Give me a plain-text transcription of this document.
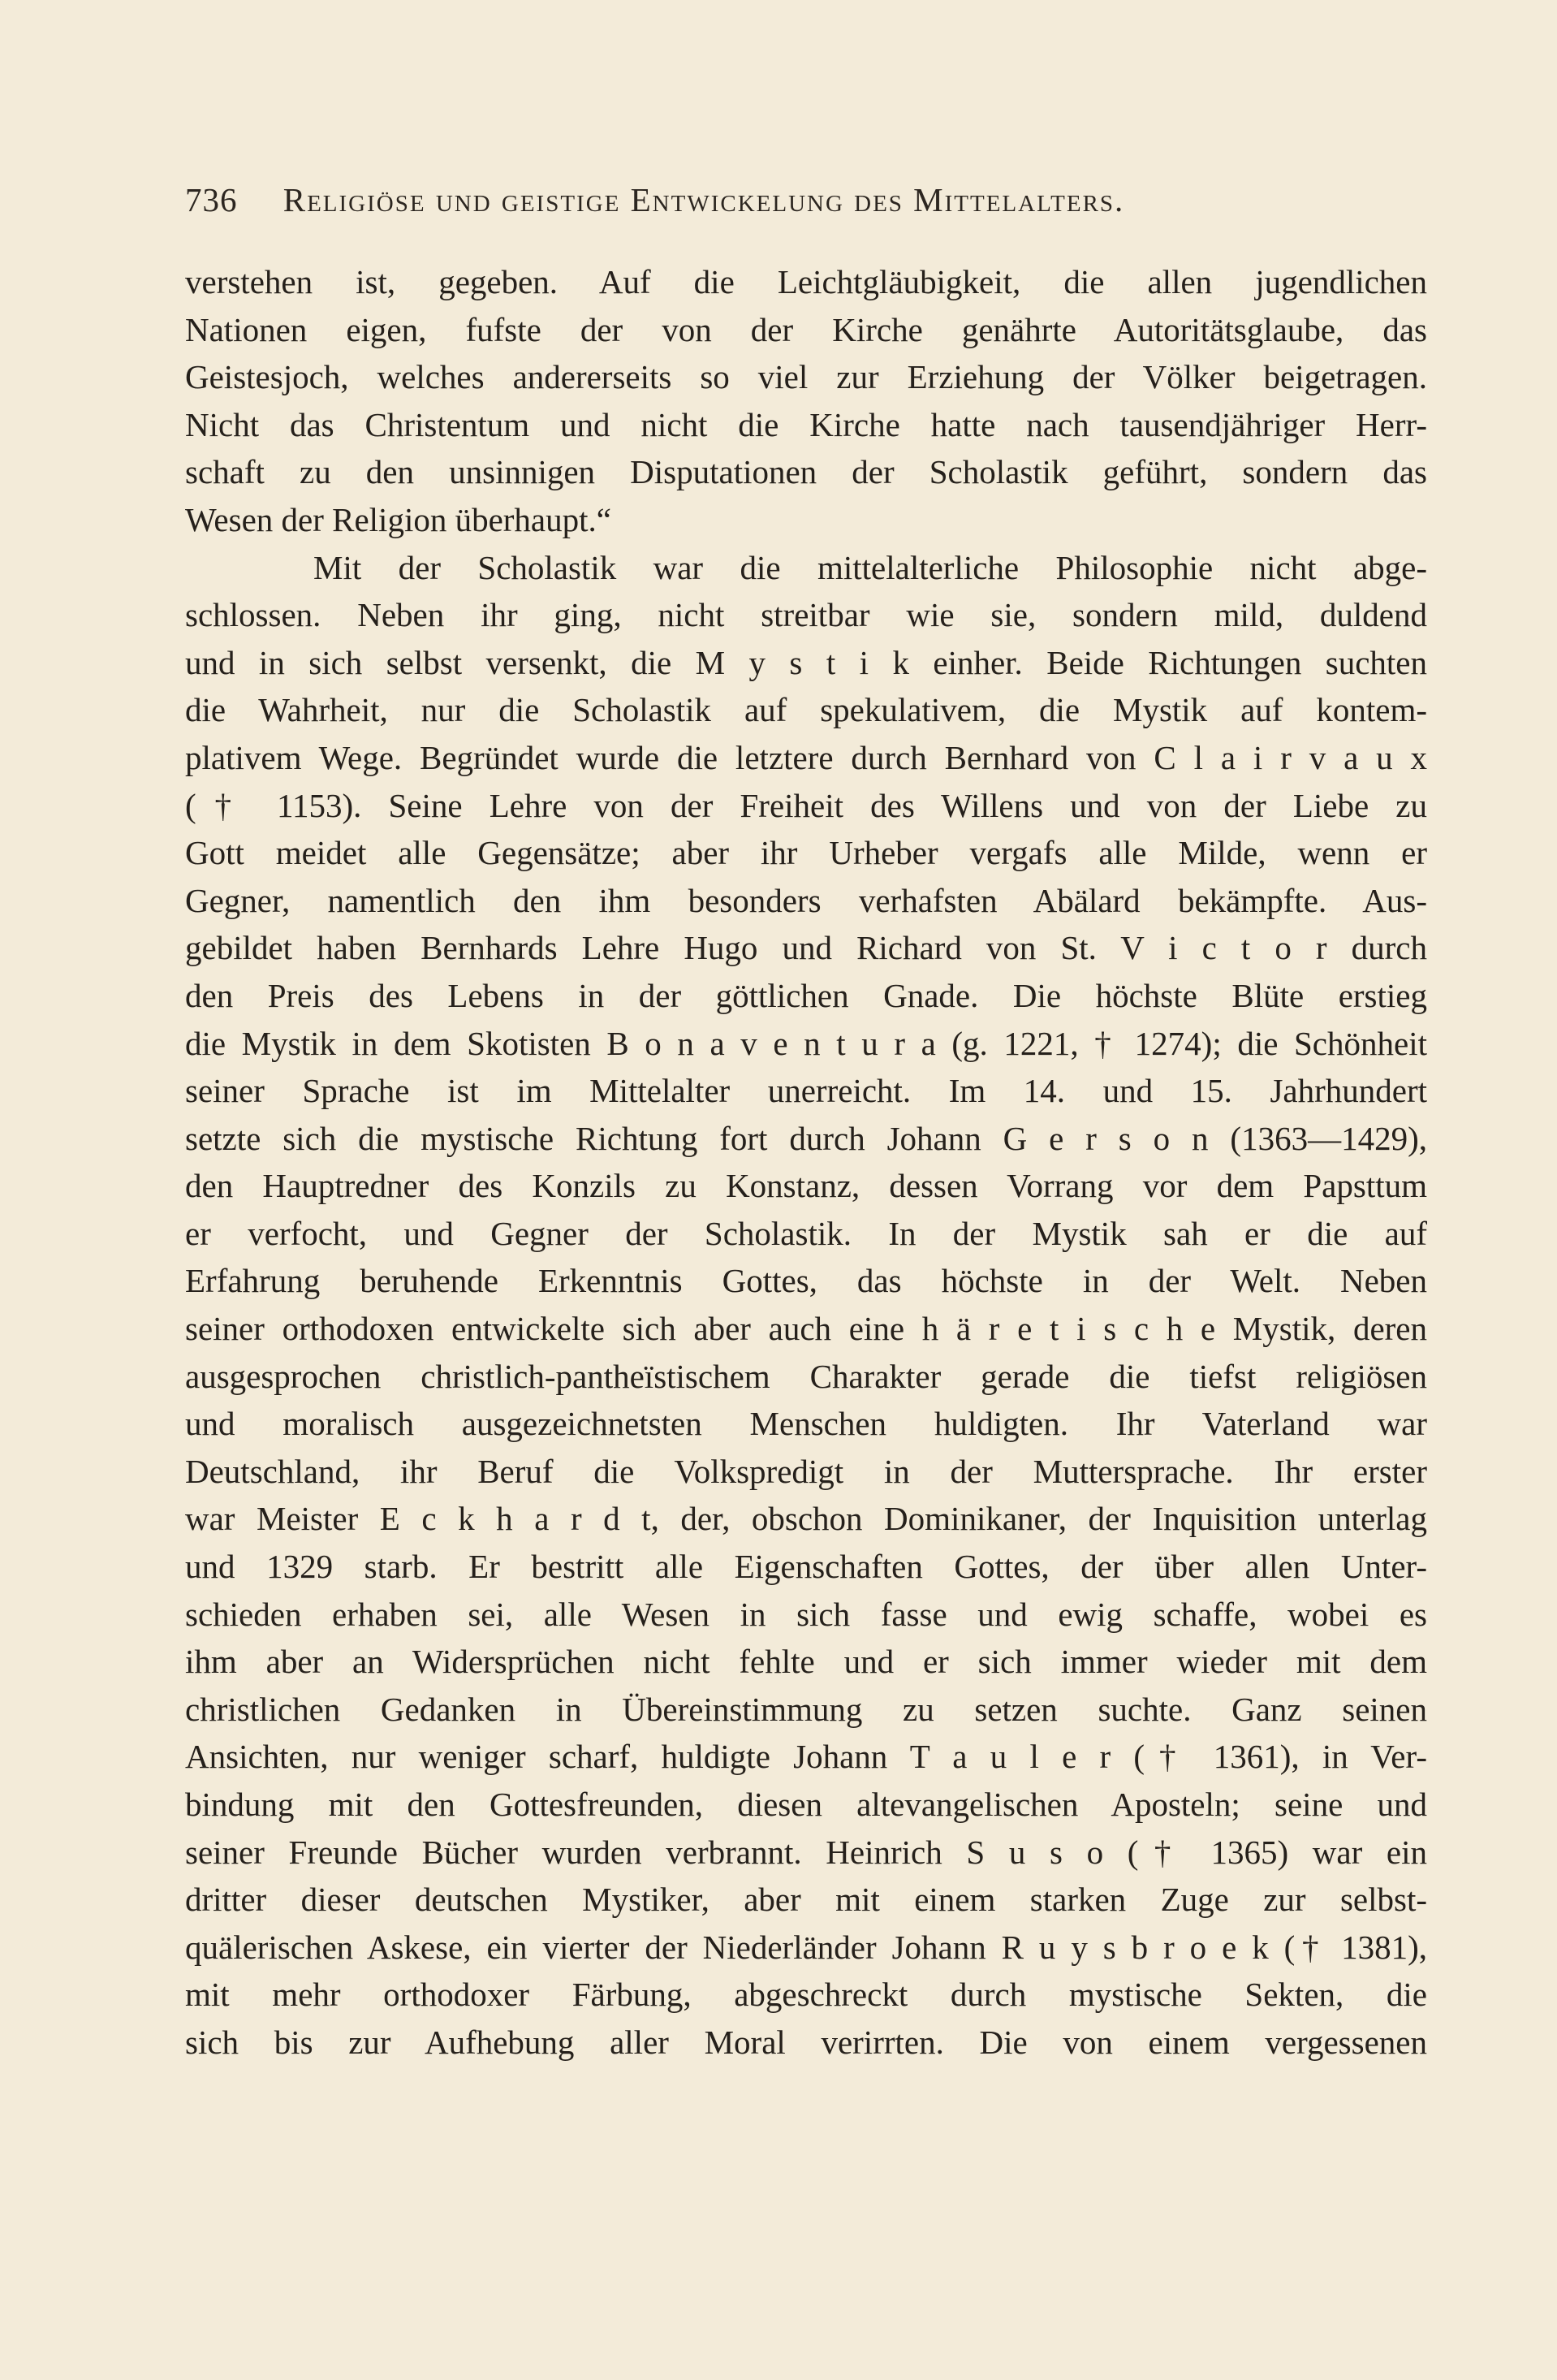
736 Religiöse und geistige Entwickelung des Mittelalters.
verstehen ist, gegeben. Auf die Leichtgläubigkeit, die allen jugendlichen
Nationen eigen, fufste der von der Kirche genährte Autoritätsglaube, das
Geistesjoch, welches andererseits so viel zur Erziehung der Völker beigetragen.
Nicht das Christentum und nicht die Kirche hatte nach tausendjähriger Herr-
schaft zu den unsinnigen Disputationen der Scholastik geführt, sondern das
Wesen der Religion überhaupt.“
Mit der Scholastik war die mittelalterliche Philosophie nicht abge-
schlossen. Neben ihr ging, nicht streitbar wie sie, sondern mild, duldend
und in sich selbst versenkt, die M y s t i k einher. Beide Richtungen suchten
die Wahrheit, nur die Scholastik auf spekulativem, die Mystik auf kontem-
plativem Wege. Begründet wurde die letztere durch Bernhard von C l a i r v a u x
(† 1153). Seine Lehre von der Freiheit des Willens und von der Liebe zu
Gott meidet alle Gegensätze; aber ihr Urheber vergafs alle Milde, wenn er
Gegner, namentlich den ihm besonders verhafsten Abälard bekämpfte. Aus-
gebildet haben Bernhards Lehre Hugo und Richard von St. V i c t o r durch
den Preis des Lebens in der göttlichen Gnade. Die höchste Blüte erstieg
die Mystik in dem Skotisten B o n a v e n t u r a (g. 1221, † 1274); die Schönheit
seiner Sprache ist im Mittelalter unerreicht. Im 14. und 15. Jahrhundert
setzte sich die mystische Richtung fort durch Johann G e r s o n (1363—1429),
den Hauptredner des Konzils zu Konstanz, dessen Vorrang vor dem Papsttum
er verfocht, und Gegner der Scholastik. In der Mystik sah er die auf
Erfahrung beruhende Erkenntnis Gottes, das höchste in der Welt. Neben
seiner orthodoxen entwickelte sich aber auch eine h ä r e t i s c h e Mystik, deren
ausgesprochen christlich-pantheïstischem Charakter gerade die tiefst religiösen
und moralisch ausgezeichnetsten Menschen huldigten. Ihr Vaterland war
Deutschland, ihr Beruf die Volkspredigt in der Muttersprache. Ihr erster
war Meister E c k h a r d t, der, obschon Dominikaner, der Inquisition unterlag
und 1329 starb. Er bestritt alle Eigenschaften Gottes, der über allen Unter-
schieden erhaben sei, alle Wesen in sich fasse und ewig schaffe, wobei es
ihm aber an Widersprüchen nicht fehlte und er sich immer wieder mit dem
christlichen Gedanken in Übereinstimmung zu setzen suchte. Ganz seinen
Ansichten, nur weniger scharf, huldigte Johann T a u l e r († 1361), in Ver-
bindung mit den Gottesfreunden, diesen altevangelischen Aposteln; seine und
seiner Freunde Bücher wurden verbrannt. Heinrich S u s o († 1365) war ein
dritter dieser deutschen Mystiker, aber mit einem starken Zuge zur selbst-
quälerischen Askese, ein vierter der Niederländer Johann R u y s b r o e k († 1381),
mit mehr orthodoxer Färbung, abgeschreckt durch mystische Sekten, die
sich bis zur Aufhebung aller Moral verirrten. Die von einem vergessenen
